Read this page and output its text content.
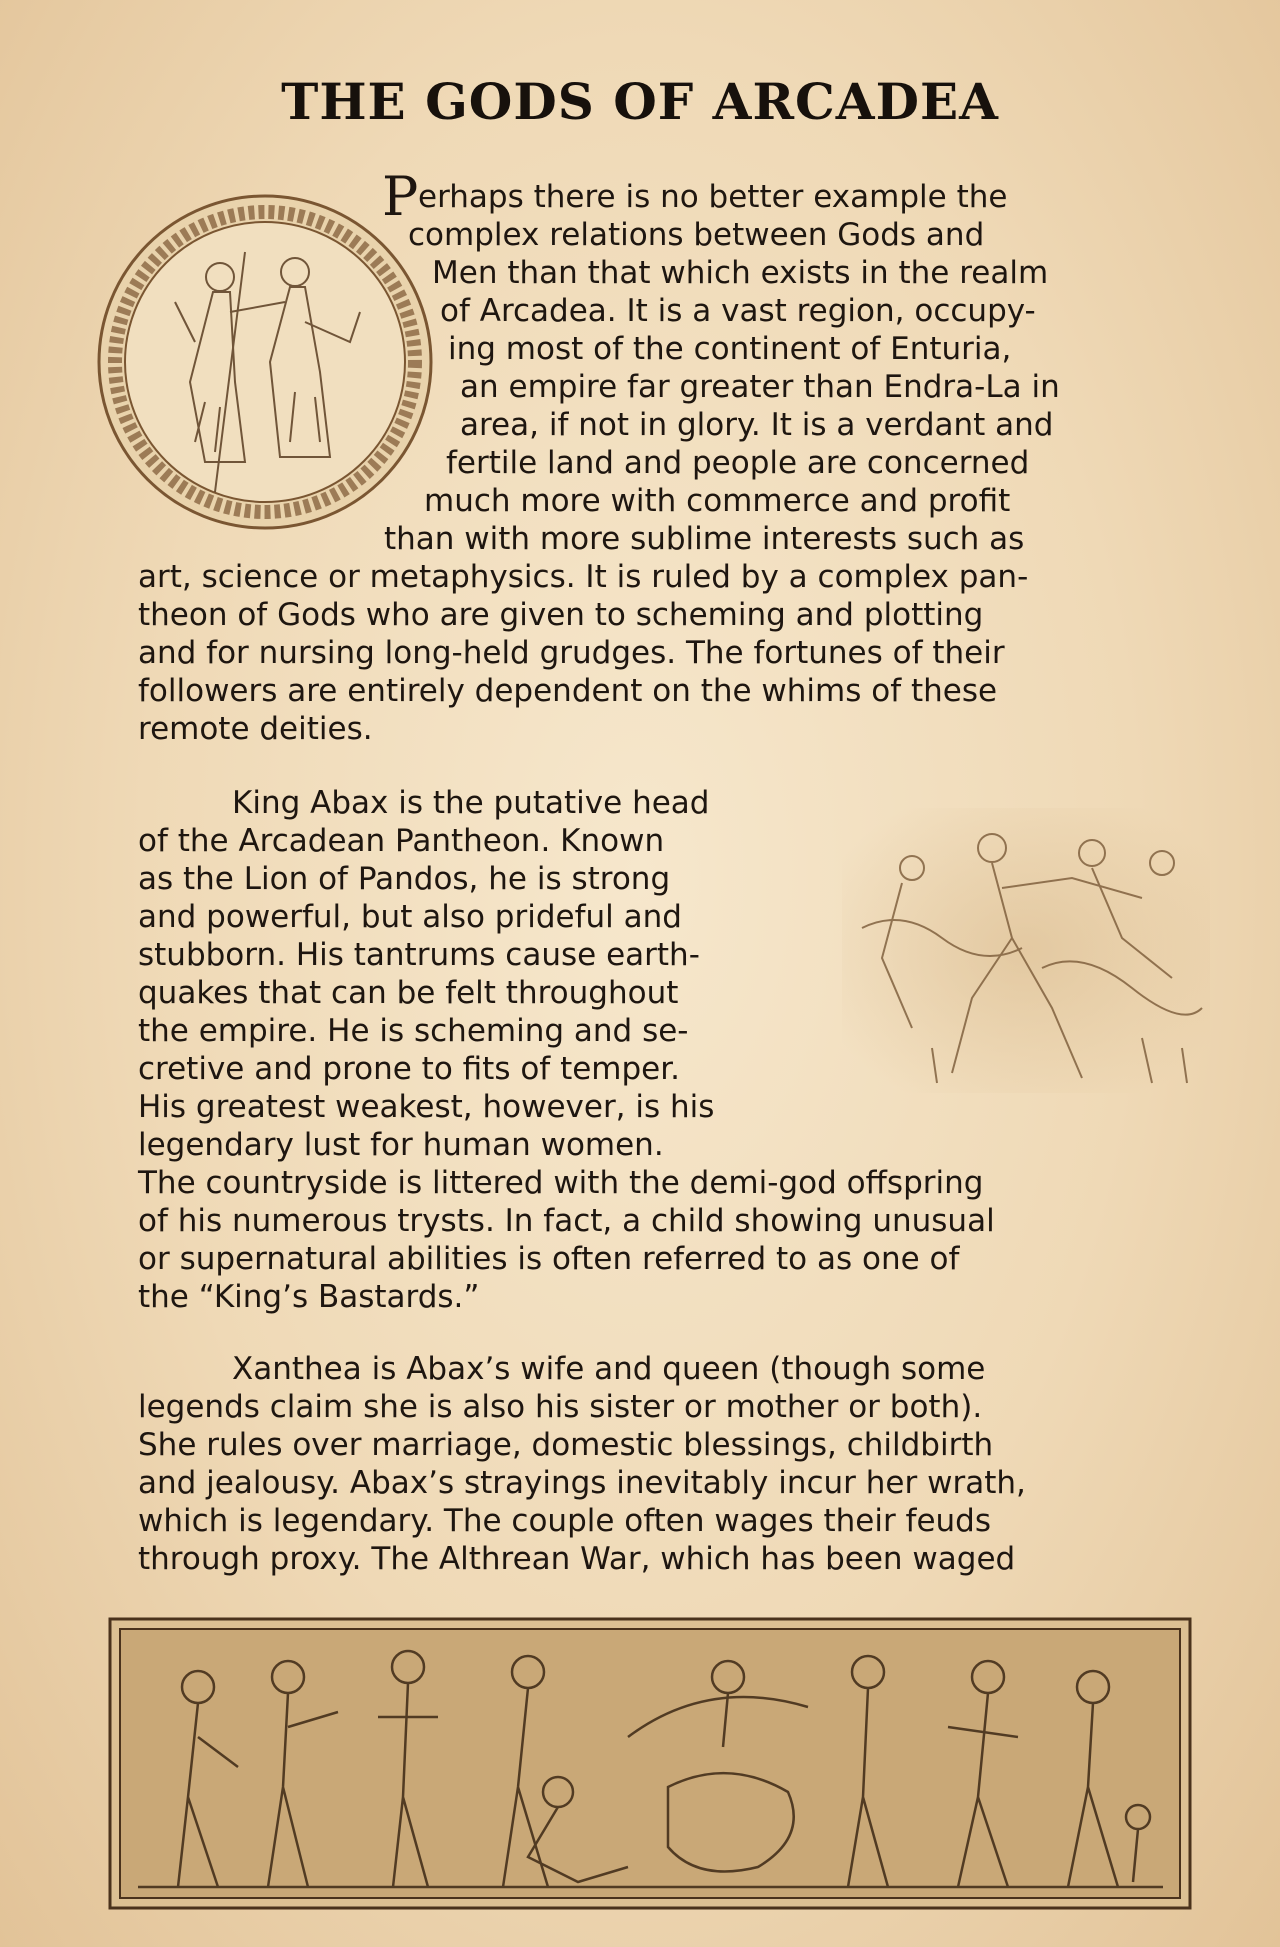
THE GODS OF ARCADEA
P erhaps there is no better example the
complex relations between Gods and
Men than that which exists in the realm
of Arcadea. It is a vast region, occupy-
ing most of the continent of Enturia,
an empire far greater than Endra-La in
area, if not in glory. It is a verdant and
fertile land and people are concerned
much more with commerce and profit
than with more sublime interests such as
art, science or metaphysics. It is ruled by a complex pan-
theon of Gods who are given to scheming and plotting
and for nursing long-held grudges. The fortunes of their
followers are entirely dependent on the whims of these
remote deities.
King Abax is the putative head
of the Arcadean Pantheon. Known
as the Lion of Pandos, he is strong
and powerful, but also prideful and
stubborn. His tantrums cause earth-
quakes that can be felt throughout
the empire. He is scheming and se-
cretive and prone to fits of temper.
His greatest weakest, however, is his
legendary lust for human women.
The countryside is littered with the demi-god offspring
of his numerous trysts. In fact, a child showing unusual
or supernatural abilities is often referred to as one of
the “King’s Bastards.”
Xanthea is Abax’s wife and queen (though some
legends claim she is also his sister or mother or both).
She rules over marriage, domestic blessings, childbirth
and jealousy. Abax’s strayings inevitably incur her wrath,
which is legendary. The couple often wages their feuds
through proxy. The Althrean War, which has been waged
